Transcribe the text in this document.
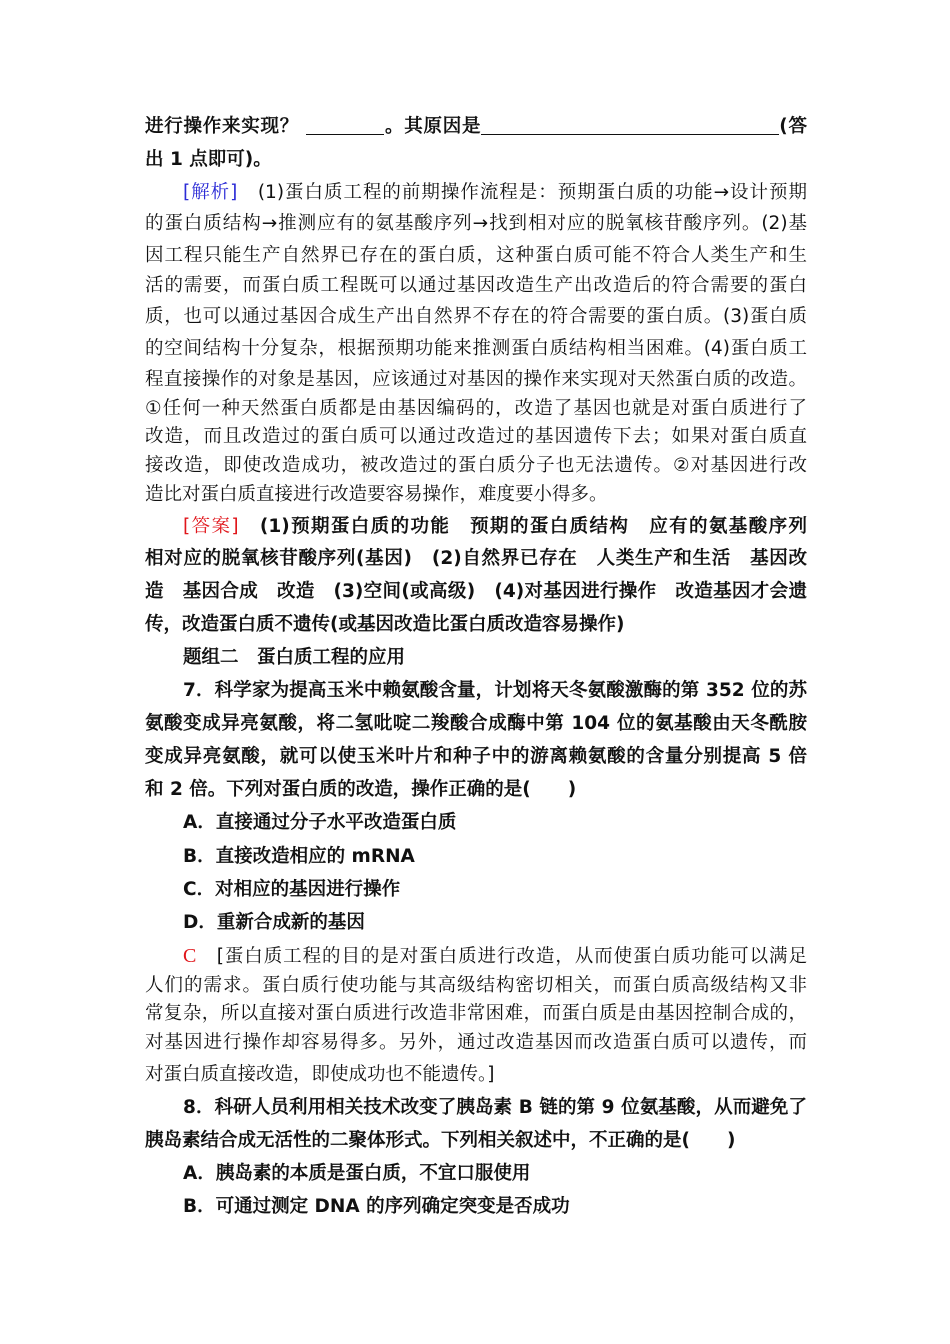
进行操作来实现？	。其原因是	(答
出 1 点即可)。
[解析]　 (1)蛋白质工程的前期操作流程是：预期蛋白质的功能→设计预期
的蛋白质结构→推测应有的氨基酸序列→找到相对应的脱氧核苷酸序列。(2)基
因工程只能生产自然界已存在的蛋白质，这种蛋白质可能不符合人类生产和生
活的需要，而蛋白质工程既可以通过基因改造生产出改造后的符合需要的蛋白
质，也可以通过基因合成生产出自然界不存在的符合需要的蛋白质。(3)蛋白质
的空间结构十分复杂，根据预期功能来推测蛋白质结构相当困难。(4)蛋白质工
程直接操作的对象是基因，应该通过对基因的操作来实现对天然蛋白质的改造。
①任何一种天然蛋白质都是由基因编码的，改造了基因也就是对蛋白质进行了
改造，而且改造过的蛋白质可以通过改造过的基因遗传下去；如果对蛋白质直
接改造，即使改造成功，被改造过的蛋白质分子也无法遗传。②对基因进行改
造比对蛋白质直接进行改造要容易操作，难度要小得多。
[答案]　 (1)预期蛋白质的功能　预期的蛋白质结构　应有的氨基酸序列
相对应的脱氧核苷酸序列(基因)　(2)自然界已存在　人类生产和生活　基因改
造　基因合成　改造　(3)空间(或高级)　(4)对基因进行操作　改造基因才会遗
传，改造蛋白质不遗传(或基因改造比蛋白质改造容易操作)
题组二　蛋白质工程的应用
7．科学家为提高玉米中赖氨酸含量，计划将天冬氨酸激酶的第 352 位的苏
氨酸变成异亮氨酸，将二氢吡啶二羧酸合成酶中第 104 位的氨基酸由天冬酰胺
变成异亮氨酸，就可以使玉米叶片和种子中的游离赖氨酸的含量分别提高 5 倍
和 2 倍。下列对蛋白质的改造，操作正确的是(　　)
A．直接通过分子水平改造蛋白质
B．直接改造相应的 mRNA
C．对相应的基因进行操作
D．重新合成新的基因
C　 [蛋白质工程的目的是对蛋白质进行改造，从而使蛋白质功能可以满足
人们的需求。蛋白质行使功能与其高级结构密切相关，而蛋白质高级结构又非
常复杂，所以直接对蛋白质进行改造非常困难，而蛋白质是由基因控制合成的，
对基因进行操作却容易得多。另外，通过改造基因而改造蛋白质可以遗传，而
对蛋白质直接改造，即使成功也不能遗传。]
8．科研人员利用相关技术改变了胰岛素 B 链的第 9 位氨基酸，从而避免了
胰岛素结合成无活性的二聚体形式。下列相关叙述中，不正确的是(　　)
A．胰岛素的本质是蛋白质，不宜口服使用
B．可通过测定 DNA 的序列确定突变是否成功
